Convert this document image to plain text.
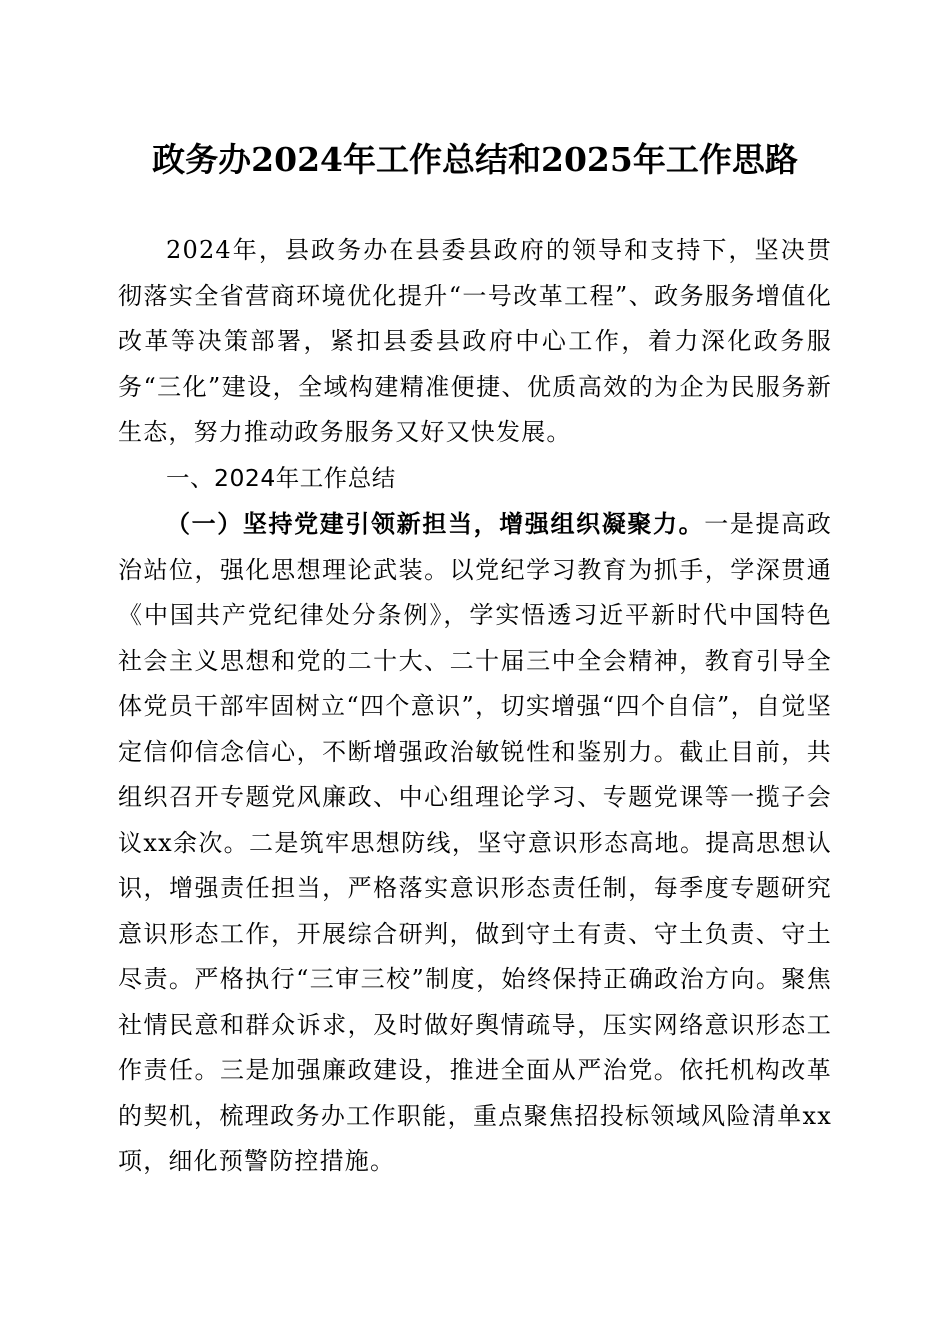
政务办2024年工作总结和2025年工作思路

2024年，县政务办在县委县政府的领导和支持下，坚决贯彻落实全省营商环境优化提升“一号改革工程”、政务服务增值化改革等决策部署，紧扣县委县政府中心工作，着力深化政务服务“三化”建设，全域构建精准便捷、优质高效的为企为民服务新生态，努力推动政务服务又好又快发展。

一、2024年工作总结

（一）坚持党建引领新担当，增强组织凝聚力。一是提高政治站位，强化思想理论武装。以党纪学习教育为抓手，学深贯通《中国共产党纪律处分条例》，学实悟透习近平新时代中国特色社会主义思想和党的二十大、二十届三中全会精神，教育引导全体党员干部牢固树立“四个意识”，切实增强“四个自信”，自觉坚定信仰信念信心，不断增强政治敏锐性和鉴别力。截止目前，共组织召开专题党风廉政、中心组理论学习、专题党课等一揽子会议xx余次。二是筑牢思想防线，坚守意识形态高地。提高思想认识，增强责任担当，严格落实意识形态责任制，每季度专题研究意识形态工作，开展综合研判，做到守土有责、守土负责、守土尽责。严格执行“三审三校”制度，始终保持正确政治方向。聚焦社情民意和群众诉求，及时做好舆情疏导，压实网络意识形态工作责任。三是加强廉政建设，推进全面从严治党。依托机构改革的契机，梳理政务办工作职能，重点聚焦招投标领域风险清单xx项，细化预警防控措施。
